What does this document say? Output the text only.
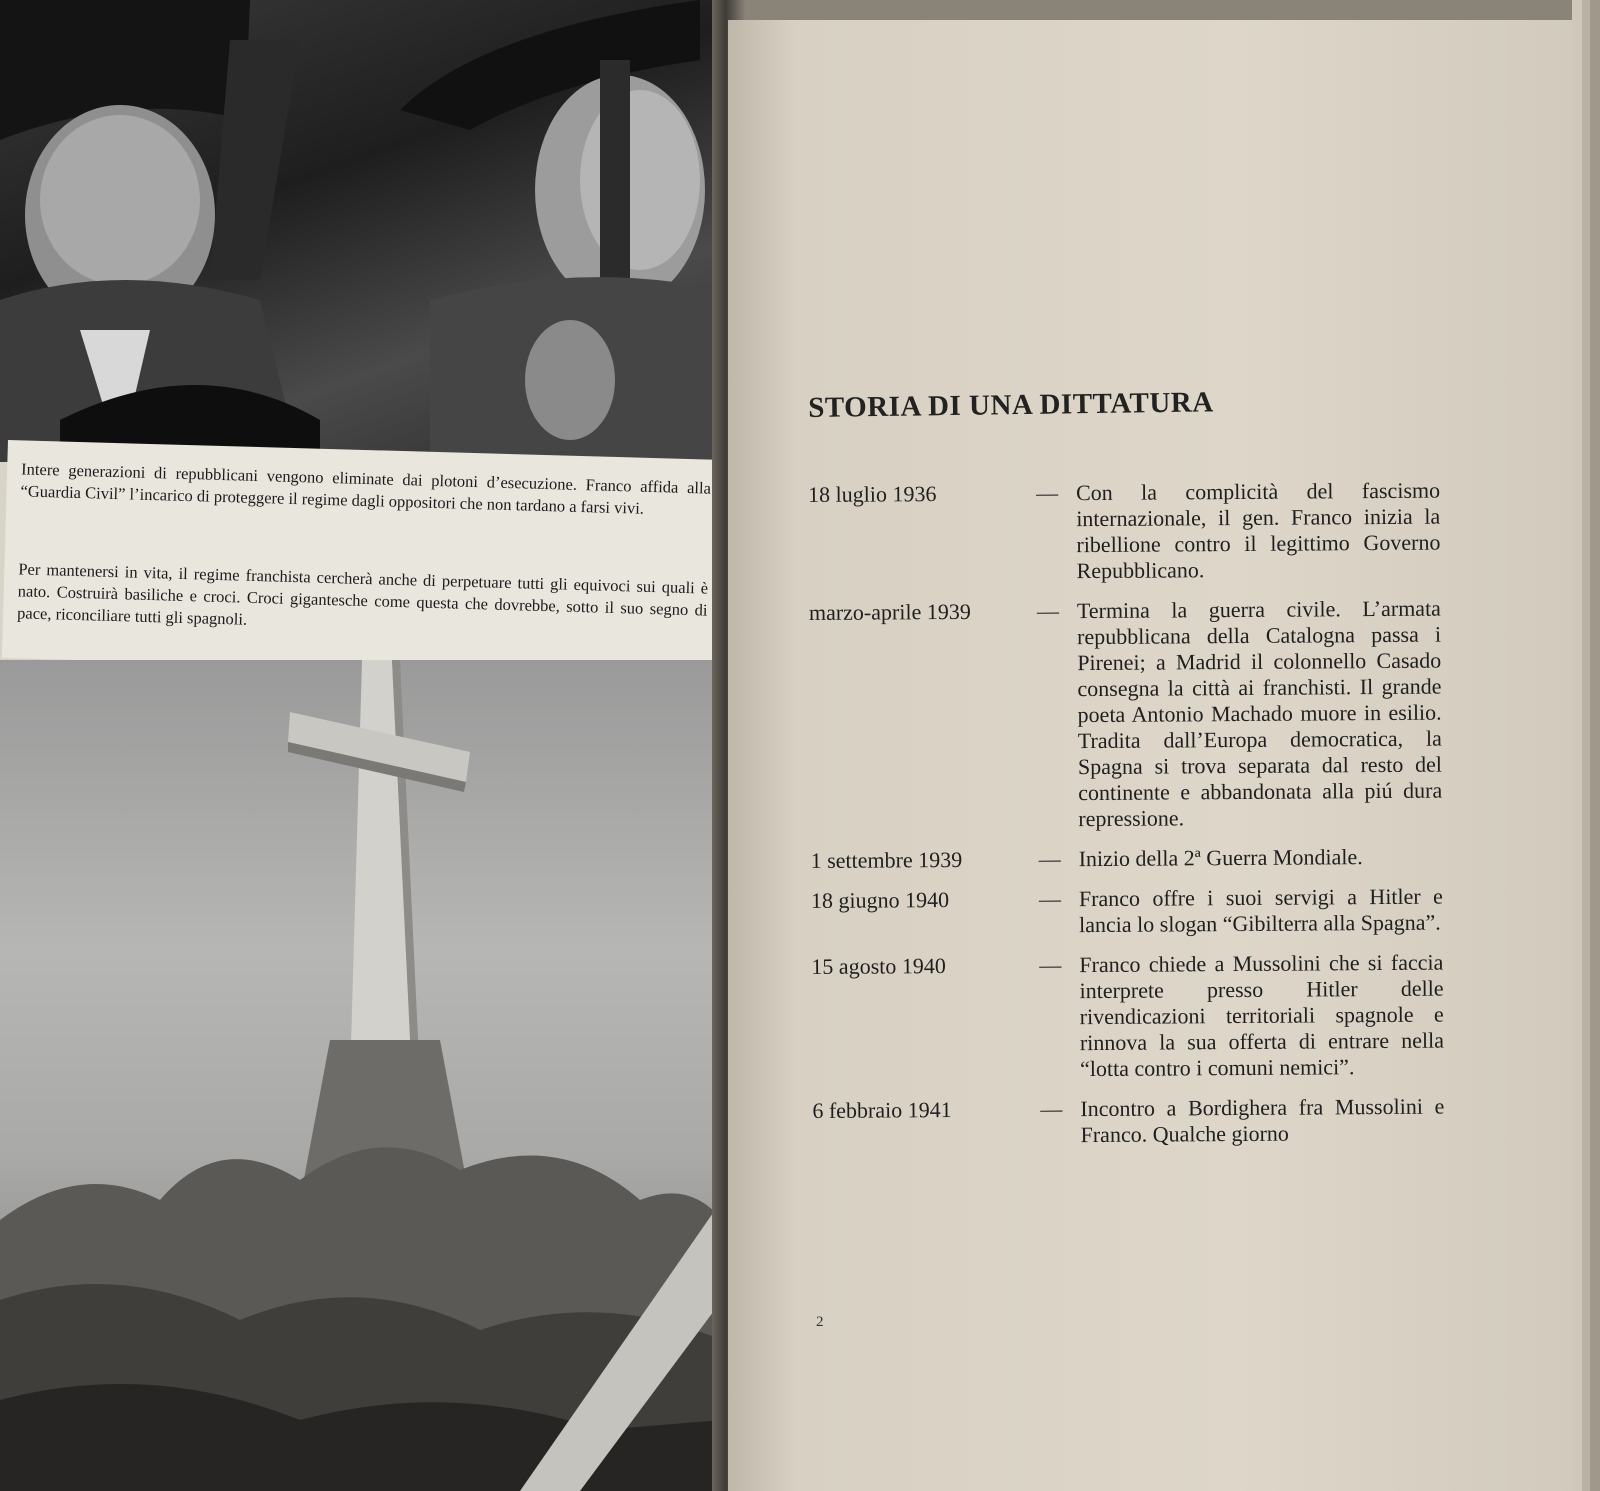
Intere generazioni di repubblicani vengono eliminate dai plotoni d’esecuzione. Franco affida alla “Guardia Civil” l’incarico di proteggere il regime dagli oppositori che non tardano a farsi vivi.

Per mantenersi in vita, il regime franchista cercherà anche di perpetuare tutti gli equivoci sui quali è nato. Costruirà basiliche e croci. Croci gigantesche come questa che dovrebbe, sotto il suo segno di pace, riconciliare tutti gli spagnoli.

STORIA DI UNA DITTATURA
18 luglio 1936	— Con la complicità del fascismo internazionale, il gen. Franco inizia la ribellione contro il legittimo Governo Repubblicano.
marzo-aprile 1939	— Termina la guerra civile. L’armata repubblicana della Catalogna passa i Pirenei; a Madrid il colonnello Casado consegna la città ai franchisti. Il grande poeta Antonio Machado muore in esilio. Tradita dall’Europa democratica, la Spagna si trova separata dal resto del continente e abbandonata alla piú dura repressione.
1 settembre 1939	— Inizio della 2ª Guerra Mondiale.
18 giugno 1940	— Franco offre i suoi servigi a Hitler e lancia lo slogan “Gibilterra alla Spagna”.
15 agosto 1940	— Franco chiede a Mussolini che si faccia interprete presso Hitler delle rivendicazioni territoriali spagnole e rinnova la sua offerta di entrare nella “lotta contro i comuni nemici”.
6 febbraio 1941	— Incontro a Bordighera fra Mussolini e Franco. Qualche giorno
2
